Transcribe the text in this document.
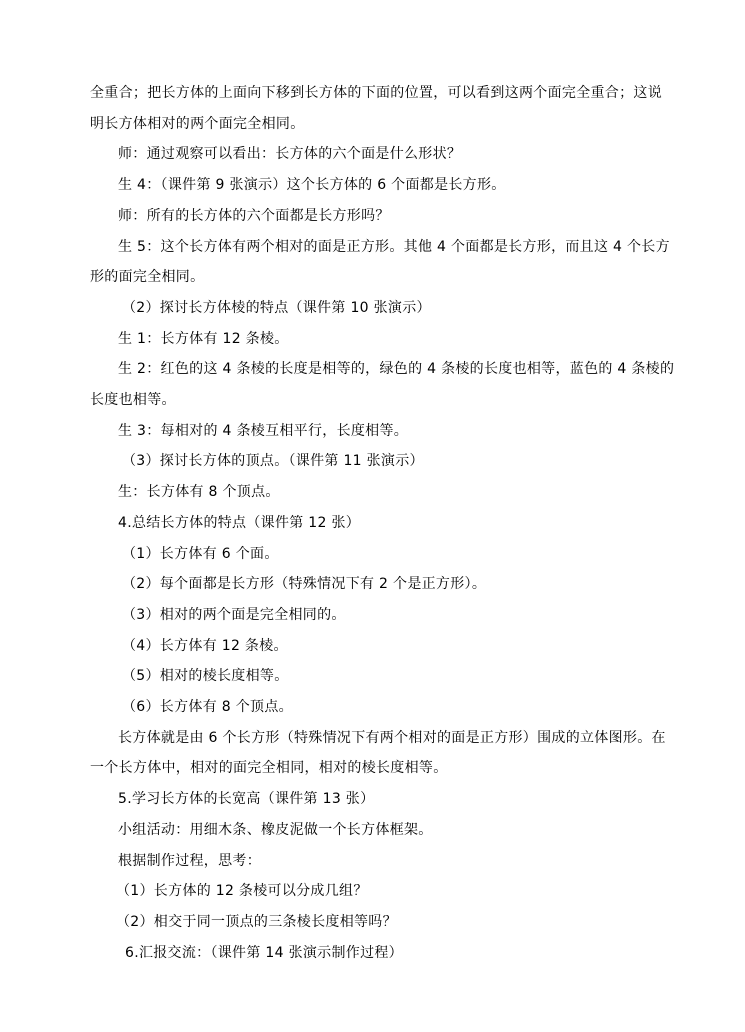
全重合；把长方体的上面向下移到长方体的下面的位置，可以看到这两个面完全重合；这说

明长方体相对的两个面完全相同。

师：通过观察可以看出：长方体的六个面是什么形状？

生 4：（课件第 9 张演示）这个长方体的 6 个面都是长方形。

师：所有的长方体的六个面都是长方形吗？

生 5：这个长方体有两个相对的面是正方形。其他 4 个面都是长方形，而且这 4 个长方

形的面完全相同。

（2）探讨长方体棱的特点（课件第 10 张演示）

生 1：长方体有 12 条棱。

生 2：红色的这 4 条棱的长度是相等的，绿色的 4 条棱的长度也相等，蓝色的 4 条棱的

长度也相等。

生 3：每相对的 4 条棱互相平行，长度相等。

（3）探讨长方体的顶点。（课件第 11 张演示）

生：长方体有 8 个顶点。

4.总结长方体的特点（课件第 12 张）

（1）长方体有 6 个面。

（2）每个面都是长方形（特殊情况下有 2 个是正方形）。

（3）相对的两个面是完全相同的。

（4）长方体有 12 条棱。

（5）相对的棱长度相等。

（6）长方体有 8 个顶点。

长方体就是由 6 个长方形（特殊情况下有两个相对的面是正方形）围成的立体图形。在

一个长方体中，相对的面完全相同，相对的棱长度相等。

5.学习长方体的长宽高（课件第 13 张）

小组活动：用细木条、橡皮泥做一个长方体框架。

根据制作过程，思考：

（1）长方体的 12 条棱可以分成几组？

（2）相交于同一顶点的三条棱长度相等吗？

6.汇报交流：（课件第 14 张演示制作过程）
